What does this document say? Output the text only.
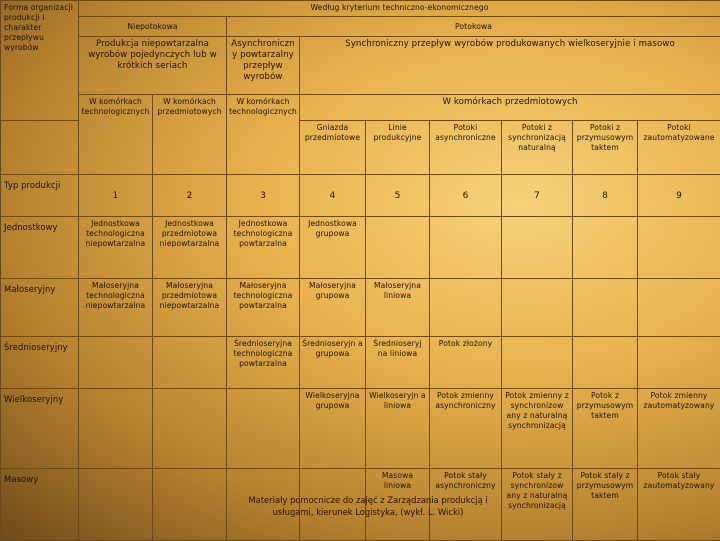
Forma organizacji produkcji i charakter przepływu wyrobów	Według kryterium techniczno-ekonomicznego								
	Niepotokowa		Potokowa						
	Produkcja niepowtarzalna wyrobów pojedynczych lub w krótkich seriach		Asynchroniczn y powtarzalny przepływ wyrobów	Synchroniczny przepływ wyrobów produkowanych wielkoseryjnie i masowo					
	W komórkach technologicznych	W komórkach przedmiotowych	W komórkach technologicznych	W komórkach przedmiotowych					
				Gniazda przedmiotowe	Linie produkcyjne	Potoki asynchroniczne	Potoki z synchronizacją naturalną	Potoki z przymusowym taktem	Potoki zautomatyzowane
Typ produkcji	1	2	3	4	5	6	7	8	9
Jednostkowy	Jednostkowa technologiczna niepowtarzalna	Jednostkowa przedmiotowa niepowtarzalna	Jednostkowa technologiczna powtarzalna	Jednostkowa grupowa					
Małoseryjny	Małoseryjna technologiczna niepowtarzalna	Małoseryjna przedmiotowa niepowtarzalna	Małoseryjna technologiczna powtarzalna	Małoseryjna grupowa	Małoseryjna liniowa				
Średnioseryjny			Średnioseryjna technologiczna powtarzalna	Średnioseryjn a grupowa	Średnioseryj na liniowa	Potok złożony			
Wielkoseryjny				Wielkoseryjna grupowa	Wielkoseryjn a liniowa	Potok zmienny asynchroniczny	Potok zmienny z synchronizow any z naturalną synchronizacją	Potok z przymusowym taktem	Potok zmienny zautomatyzowany
Masowy					Masowa liniowa	Potok stały asynchroniczny	Potok stały z synchronizow any z naturalną synchronizacją	Potok stały z przymusowym taktem	Potok stały zautomatyzowany
Materiały pomocnicze do zajęć z Zarządzania produkcją i usługami, kierunek Logistyka, (wykł. L. Wicki)
